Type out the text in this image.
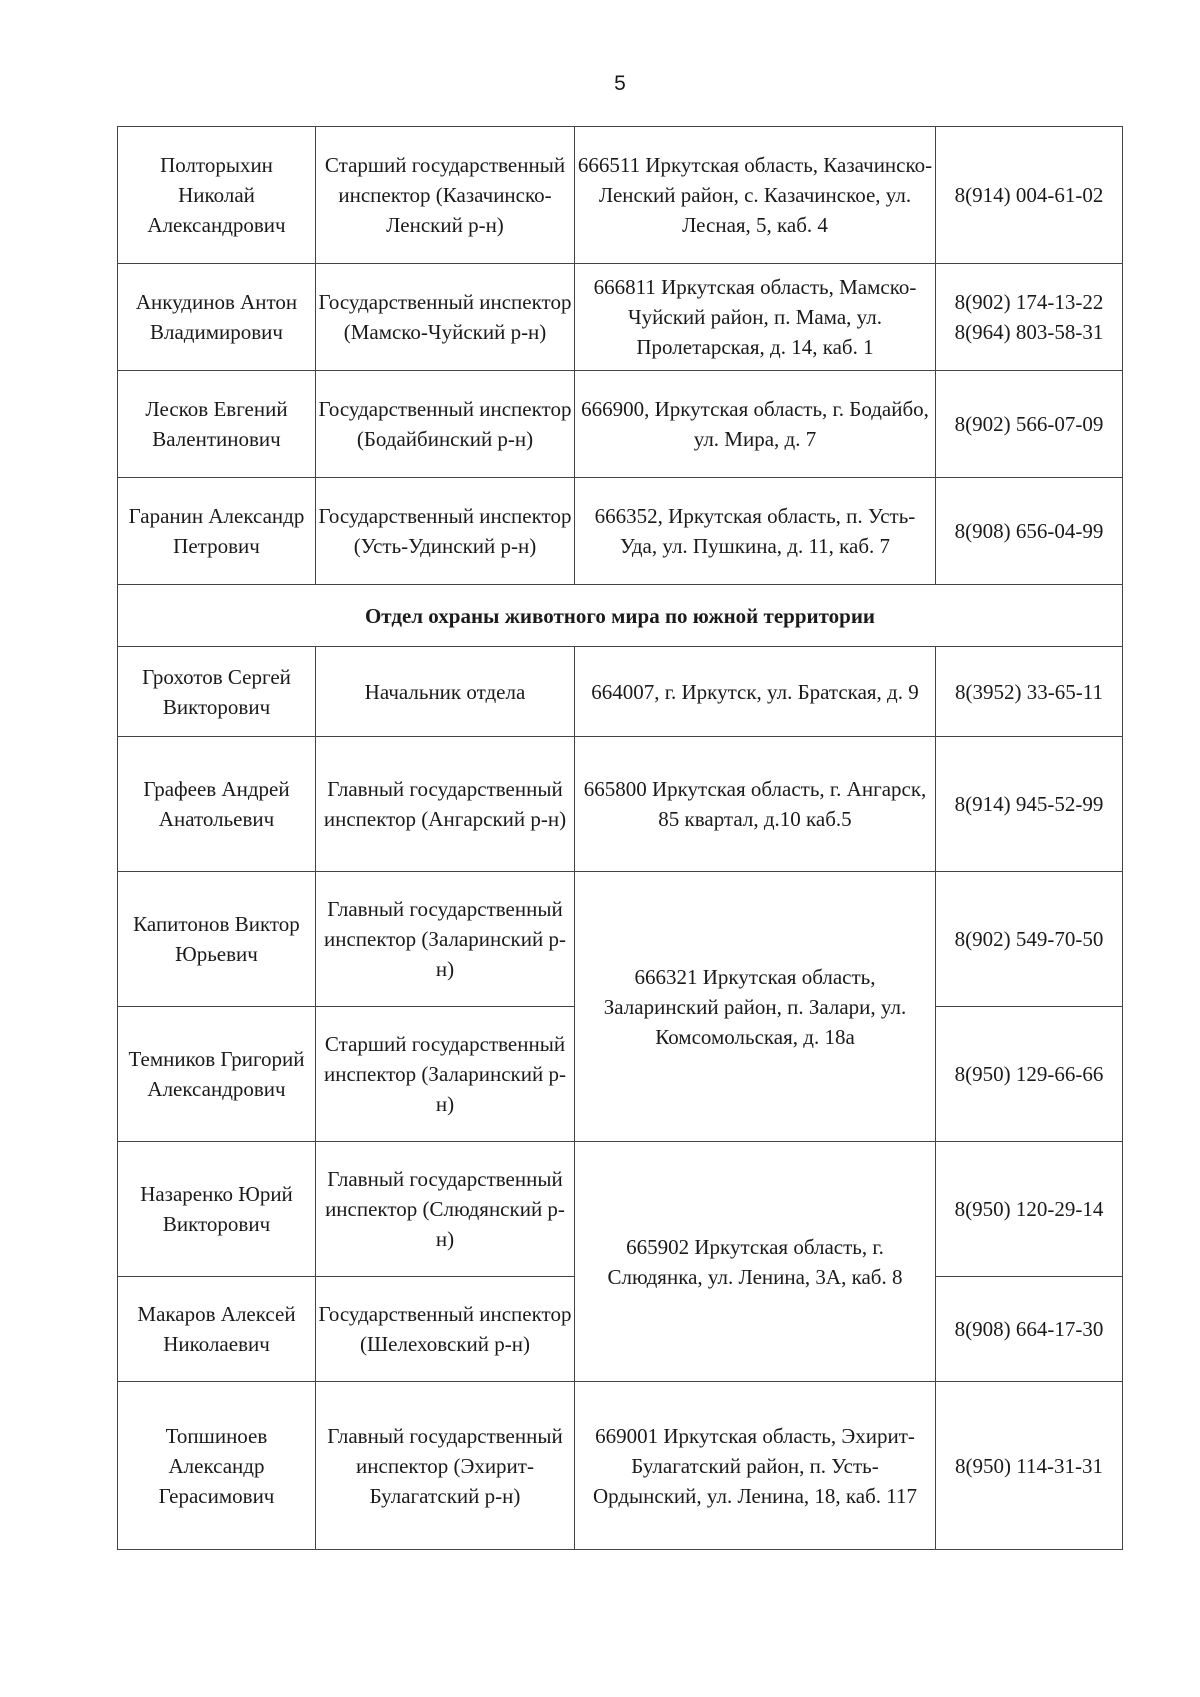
5
Полторыхин Николай Александрович	Старший государственный инспектор (Казачинско-Ленский р-н)	666511 Иркутская область, Казачинско-Ленский район, с. Казачинское, ул. Лесная, 5, каб. 4	8(914) 004-61-02
Анкудинов Антон Владимирович	Государственный инспектор (Мамско-Чуйский р-н)	666811 Иркутская область, Мамско-Чуйский район, п. Мама, ул. Пролетарская, д. 14, каб. 1	8(902) 174-13-22 8(964) 803-58-31
Лесков Евгений Валентинович	Государственный инспектор (Бодайбинский р-н)	666900, Иркутская область, г. Бодайбо, ул. Мира, д. 7	8(902) 566-07-09
Гаранин Александр Петрович	Государственный инспектор (Усть-Удинский р-н)	666352, Иркутская область, п. Усть-Уда, ул. Пушкина, д. 11, каб. 7	8(908) 656-04-99
Отдел охраны животного мира по южной территории			
Грохотов Сергей Викторович	Начальник отдела	664007, г. Иркутск, ул. Братская, д. 9	8(3952) 33-65-11
Графеев Андрей Анатольевич	Главный государственный инспектор (Ангарский р-н)	665800 Иркутская область, г. Ангарск, 85 квартал, д.10 каб.5	8(914) 945-52-99
Капитонов Виктор Юрьевич	Главный государственный инспектор (Заларинский р-н)	666321 Иркутская область, Заларинский район, п. Залари, ул. Комсомольская, д. 18а	8(902) 549-70-50
Темников Григорий Александрович	Старший государственный инспектор (Заларинский р-н)		8(950) 129-66-66
Назаренко Юрий Викторович	Главный государственный инспектор (Слюдянский р-н)	665902 Иркутская область, г. Слюдянка, ул. Ленина, 3А, каб. 8	8(950) 120-29-14
Макаров Алексей Николаевич	Государственный инспектор (Шелеховский р-н)		8(908) 664-17-30
Топшиноев Александр Герасимович	Главный государственный инспектор (Эхирит-Булагатский р-н)	669001 Иркутская область, Эхирит-Булагатский район, п. Усть-Ордынский, ул. Ленина, 18, каб. 117	8(950) 114-31-31
